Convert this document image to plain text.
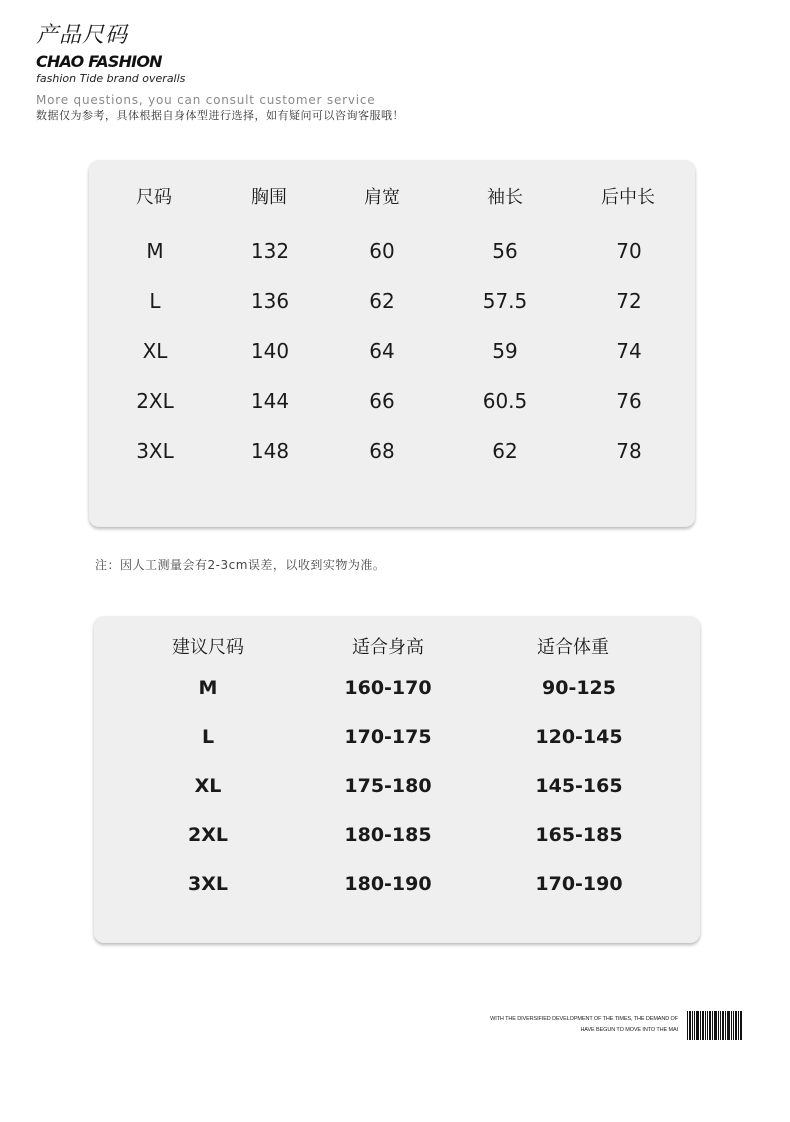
产品尺码
CHAO FASHION
fashion Tide brand overalls
More questions, you can consult customer service
数据仅为参考，具体根据自身体型进行选择，如有疑问可以咨询客服哦！
尺码	胸围	肩宽	袖长	后中长
M	132	60	56	70
L	136	62	57.5	72
XL	140	64	59	74
2XL	144	66	60.5	76
3XL	148	68	62	78
注：因人工测量会有2-3cm误差，以收到实物为准。
建议尺码	适合身高	适合体重
M	160-170	90-125
L	170-175	120-145
XL	175-180	145-165
2XL	180-185	165-185
3XL	180-190	170-190
WITH THE DIVERSIFIED DEVELOPMENT OF THE TIMES, THE DEMAND OF
HAVE BEGUN TO MOVE INTO THE MAI
